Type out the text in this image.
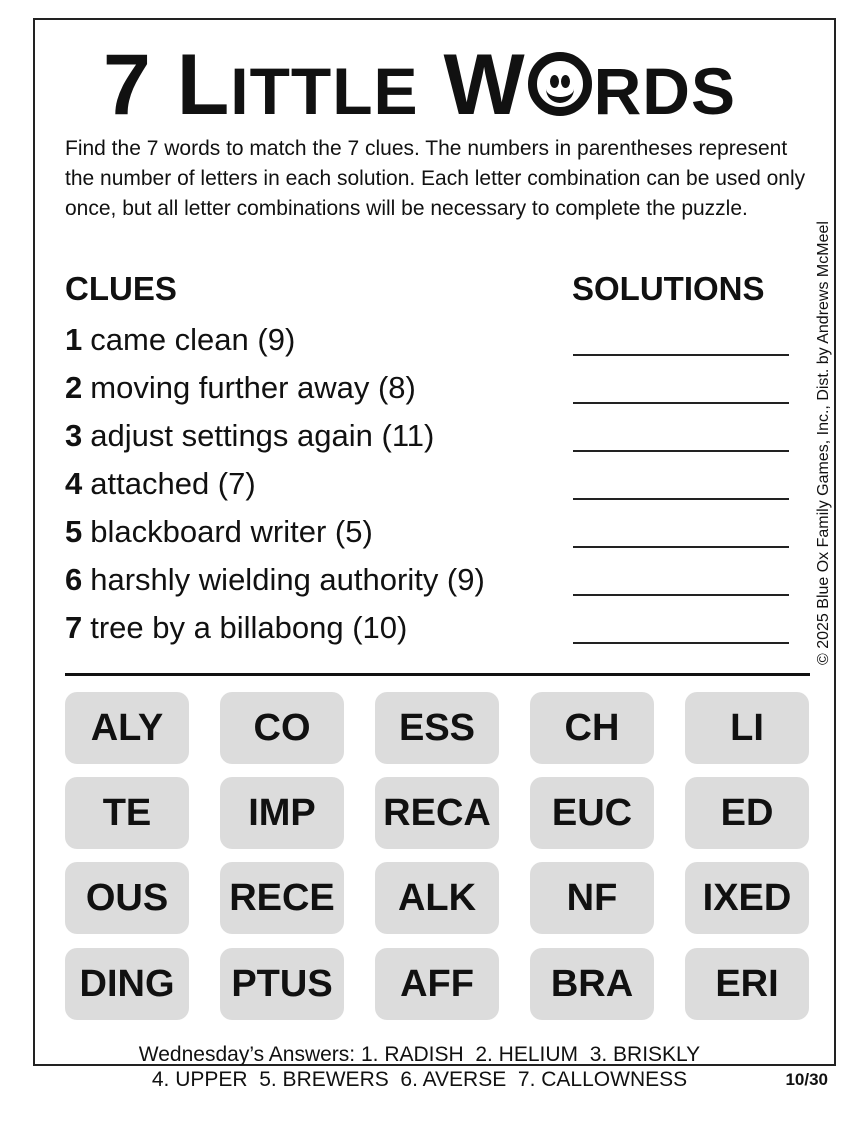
7 LITTLE W RDS
Find the 7 words to match the 7 clues. The numbers in parentheses represent the number of letters in each solution. Each letter combination can be used only once, but all letter combinations will be necessary to complete the puzzle.
CLUES	SOLUTIONS
1 came clean (9)
2 moving further away (8)
3 adjust settings again (11)
4 attached (7)
5 blackboard writer (5)
6 harshly wielding authority (9)
7 tree by a billabong (10)	© 2025 Blue Ox Family Games, Inc., Dist. by Andrews McMeel
ALY	CO	ESS	CH	LI
TE	IMP	RECA	EUC	ED
OUS	RECE	ALK	NF	IXED
DING	PTUS	AFF	BRA	ERI
Wednesday’s Answers: 1. RADISH  2. HELIUM  3. BRISKLY
4. UPPER  5. BREWERS  6. AVERSE  7. CALLOWNESS	10/30
